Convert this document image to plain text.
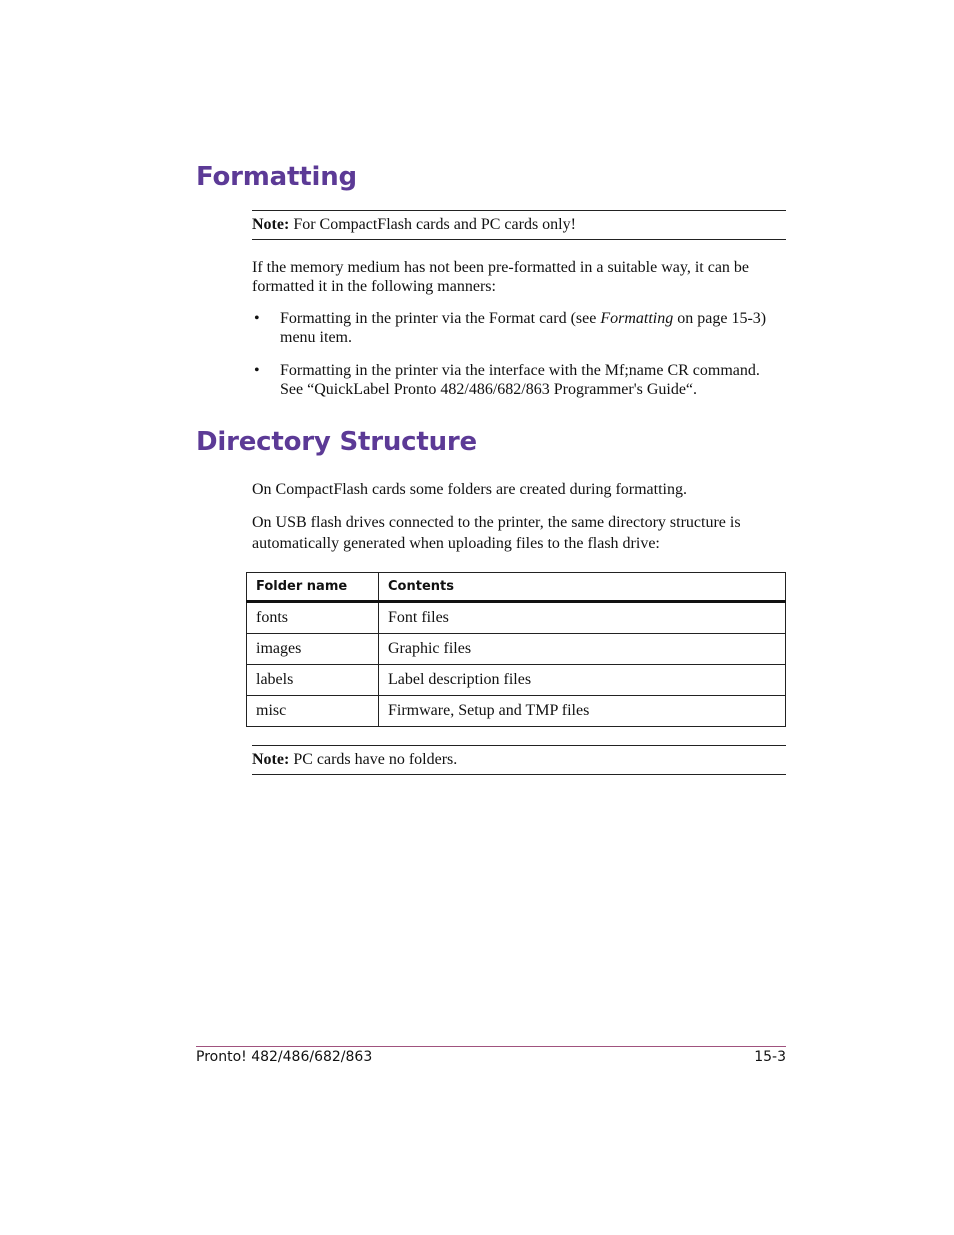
Formatting
Note: For CompactFlash cards and PC cards only!

If the memory medium has not been pre-formatted in a suitable way, it can be formatted it in the following manners:

• Formatting in the printer via the Format card (see Formatting on page 15-3) menu item.
• Formatting in the printer via the interface with the Mf;name CR command. See “QuickLabel Pronto 482/486/682/863 Programmer's Guide“.
Directory Structure

On CompactFlash cards some folders are created during formatting.

On USB flash drives connected to the printer, the same directory structure is automatically generated when uploading files to the flash drive:

Folder name	Contents
fonts	Font files
images	Graphic files
labels	Label description files
misc	Firmware, Setup and TMP files
Note: PC cards have no folders.
Pronto! 482/486/682/863	15-3
